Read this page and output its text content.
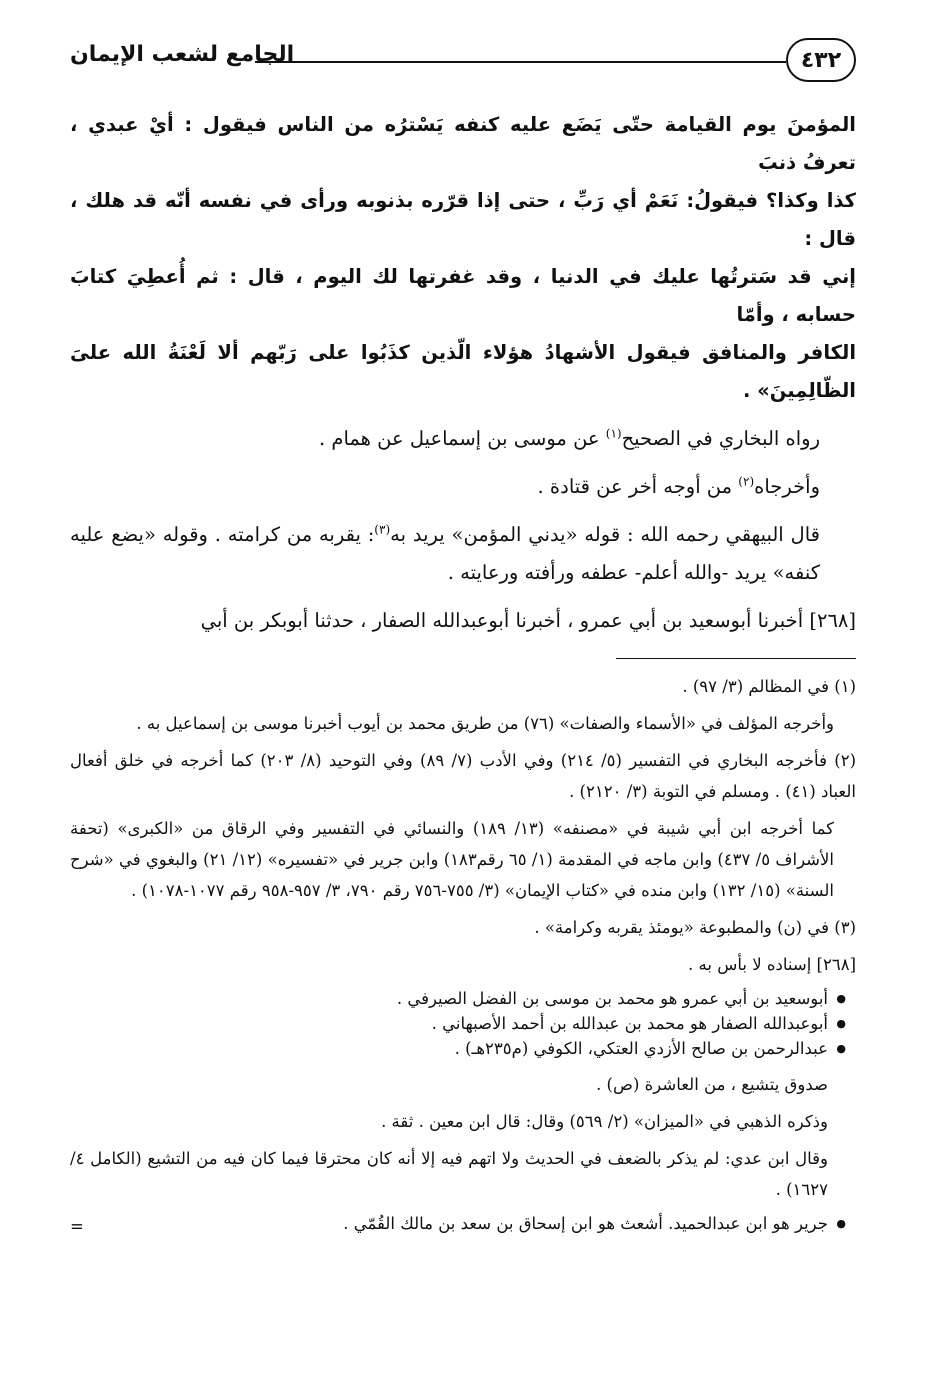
٤٣٢
الجامع لشعب الإيمان

المؤمنَ يوم القيامة حتّى يَضَع عليه كنفه يَسْترُه من الناس فيقول : أيْ عبدي ، تعرفُ ذنبَ

كذا وكذا؟ فيقولُ: نَعَمْ أي رَبِّ ، حتى إذا قرّره بذنوبه ورأى في نفسه أنّه قد هلك ، قال :

إني قد سَترتُها عليك في الدنيا ، وقد غفرتها لك اليوم ، قال : ثم أُعطِيَ كتابَ حسابه ، وأمّا

الكافر والمنافق فيقول الأشهادُ هؤلاء الّذين كذَبُوا على رَبّهم ألا لَعْنَةُ الله علىَ الظّالِمِينَ» .

رواه البخاري في الصحيح$^{(١)}$ عن موسى بن إسماعيل عن همام .

وأخرجاه$^{(٢)}$ من أوجه أخر عن قتادة .

قال البيهقي رحمه الله : قوله «يدني المؤمن» يريد به$^{(٣)}$: يقربه من كرامته . وقوله «يضع عليه كنفه» يريد -والله أعلم- عطفه ورأفته ورعايته .

[٢٦٨] أخبرنا أبوسعيد بن أبي عمرو ، أخبرنا أبوعبدالله الصفار ، حدثنا أبوبكر بن أبي

(١) في المظالم (٣/ ٩٧) .

وأخرجه المؤلف في «الأسماء والصفات» (٧٦) من طريق محمد بن أيوب أخبرنا موسى بن إسماعيل به .

(٢) فأخرجه البخاري في التفسير (٥/ ٢١٤) وفي الأدب (٧/ ٨٩) وفي التوحيد (٨/ ٢٠٣) كما أخرجه في خلق أفعال العباد (٤١) . ومسلم في التوبة (٣/ ٢١٢٠) .

كما أخرجه ابن أبي شيبة في «مصنفه» (١٣/ ١٨٩) والنسائي في التفسير وفي الرقاق من «الكبرى» (تحفة الأشراف ٥/ ٤٣٧) وابن ماجه في المقدمة (١/ ٦٥ رقم١٨٣) وابن جرير في «تفسيره» (١٢/ ٢١) والبغوي في «شرح السنة» (١٥/ ١٣٢) وابن منده في «كتاب الإيمان» (٣/ ٧٥٥-٧٥٦ رقم ٧٩٠، ٣/ ٩٥٧-٩٥٨ رقم ١٠٧٧-١٠٧٨) .

(٣) في (ن) والمطبوعة «يومئذ يقربه وكرامة» .

[٢٦٨] إسناده لا بأس به .

● أبوسعيد بن أبي عمرو هو محمد بن موسى بن الفضل الصيرفي .
● أبوعبدالله الصفار هو محمد بن عبدالله بن أحمد الأصبهاني .
● عبدالرحمن بن صالح الأزدي العتكي، الكوفي (م٢٣٥هـ) .

صدوق يتشيع ، من العاشرة (ص) .

وذكره الذهبي في «الميزان» (٢/ ٥٦٩) وقال: قال ابن معين . ثقة .

وقال ابن عدي: لم يذكر بالضعف في الحديث ولا اتهم فيه إلا أنه كان محترقا فيما كان فيه من التشيع (الكامل ٤/ ١٦٢٧) .

● جرير هو ابن عبدالحميد. أشعث هو ابن إسحاق بن سعد بن مالك القُمّي .
=
